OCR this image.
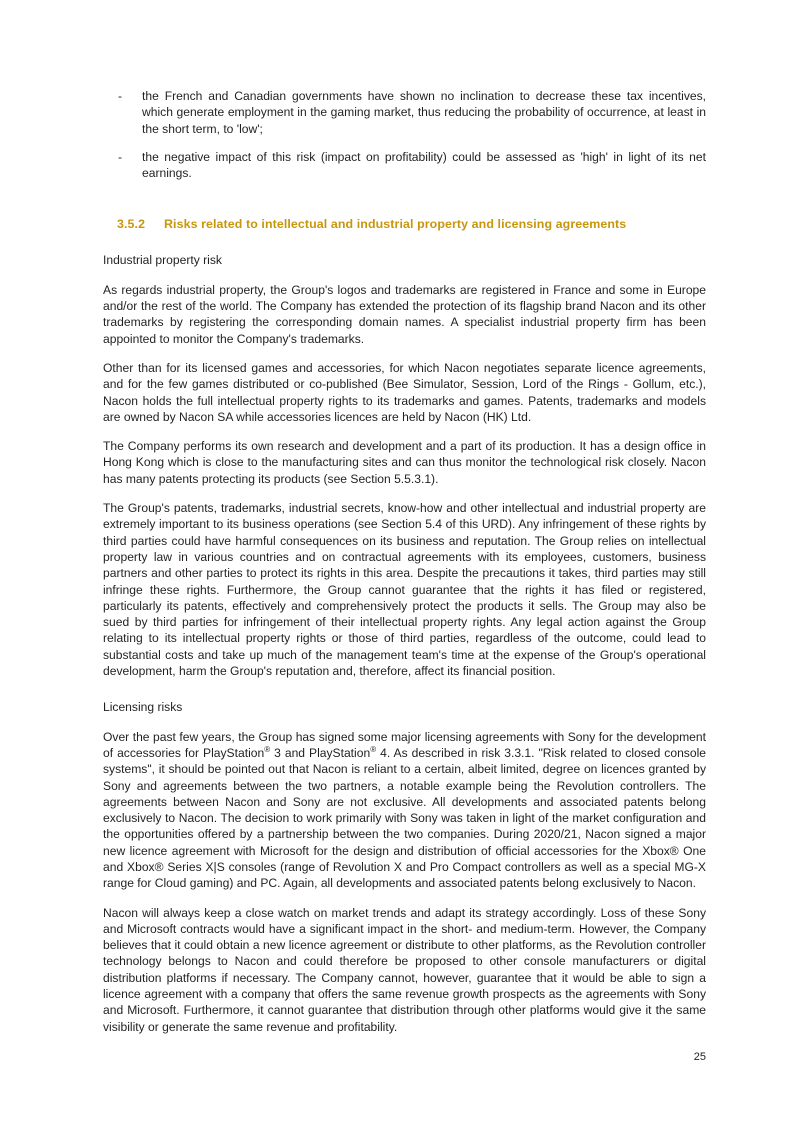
- the French and Canadian governments have shown no inclination to decrease these tax incentives, which generate employment in the gaming market, thus reducing the probability of occurrence, at least in the short term, to 'low';
- the negative impact of this risk (impact on profitability) could be assessed as 'high' in light of its net earnings.
3.5.2 Risks related to intellectual and industrial property and licensing agreements

Industrial property risk

As regards industrial property, the Group's logos and trademarks are registered in France and some in Europe and/or the rest of the world. The Company has extended the protection of its flagship brand Nacon and its other trademarks by registering the corresponding domain names. A specialist industrial property firm has been appointed to monitor the Company's trademarks.

Other than for its licensed games and accessories, for which Nacon negotiates separate licence agreements, and for the few games distributed or co-published (Bee Simulator, Session, Lord of the Rings - Gollum, etc.), Nacon holds the full intellectual property rights to its trademarks and games. Patents, trademarks and models are owned by Nacon SA while accessories licences are held by Nacon (HK) Ltd.

The Company performs its own research and development and a part of its production. It has a design office in Hong Kong which is close to the manufacturing sites and can thus monitor the technological risk closely. Nacon has many patents protecting its products (see Section 5.5.3.1).

The Group's patents, trademarks, industrial secrets, know-how and other intellectual and industrial property are extremely important to its business operations (see Section 5.4 of this URD). Any infringement of these rights by third parties could have harmful consequences on its business and reputation. The Group relies on intellectual property law in various countries and on contractual agreements with its employees, customers, business partners and other parties to protect its rights in this area. Despite the precautions it takes, third parties may still infringe these rights. Furthermore, the Group cannot guarantee that the rights it has filed or registered, particularly its patents, effectively and comprehensively protect the products it sells. The Group may also be sued by third parties for infringement of their intellectual property rights. Any legal action against the Group relating to its intellectual property rights or those of third parties, regardless of the outcome, could lead to substantial costs and take up much of the management team's time at the expense of the Group's operational development, harm the Group's reputation and, therefore, affect its financial position.

Licensing risks

Over the past few years, the Group has signed some major licensing agreements with Sony for the development of accessories for PlayStation® 3 and PlayStation® 4. As described in risk 3.3.1. "Risk related to closed console systems", it should be pointed out that Nacon is reliant to a certain, albeit limited, degree on licences granted by Sony and agreements between the two partners, a notable example being the Revolution controllers. The agreements between Nacon and Sony are not exclusive. All developments and associated patents belong exclusively to Nacon. The decision to work primarily with Sony was taken in light of the market configuration and the opportunities offered by a partnership between the two companies. During 2020/21, Nacon signed a major new licence agreement with Microsoft for the design and distribution of official accessories for the Xbox® One and Xbox® Series X|S consoles (range of Revolution X and Pro Compact controllers as well as a special MG-X range for Cloud gaming) and PC. Again, all developments and associated patents belong exclusively to Nacon.

Nacon will always keep a close watch on market trends and adapt its strategy accordingly. Loss of these Sony and Microsoft contracts would have a significant impact in the short- and medium-term. However, the Company believes that it could obtain a new licence agreement or distribute to other platforms, as the Revolution controller technology belongs to Nacon and could therefore be proposed to other console manufacturers or digital distribution platforms if necessary. The Company cannot, however, guarantee that it would be able to sign a licence agreement with a company that offers the same revenue growth prospects as the agreements with Sony and Microsoft. Furthermore, it cannot guarantee that distribution through other platforms would give it the same visibility or generate the same revenue and profitability.

25
